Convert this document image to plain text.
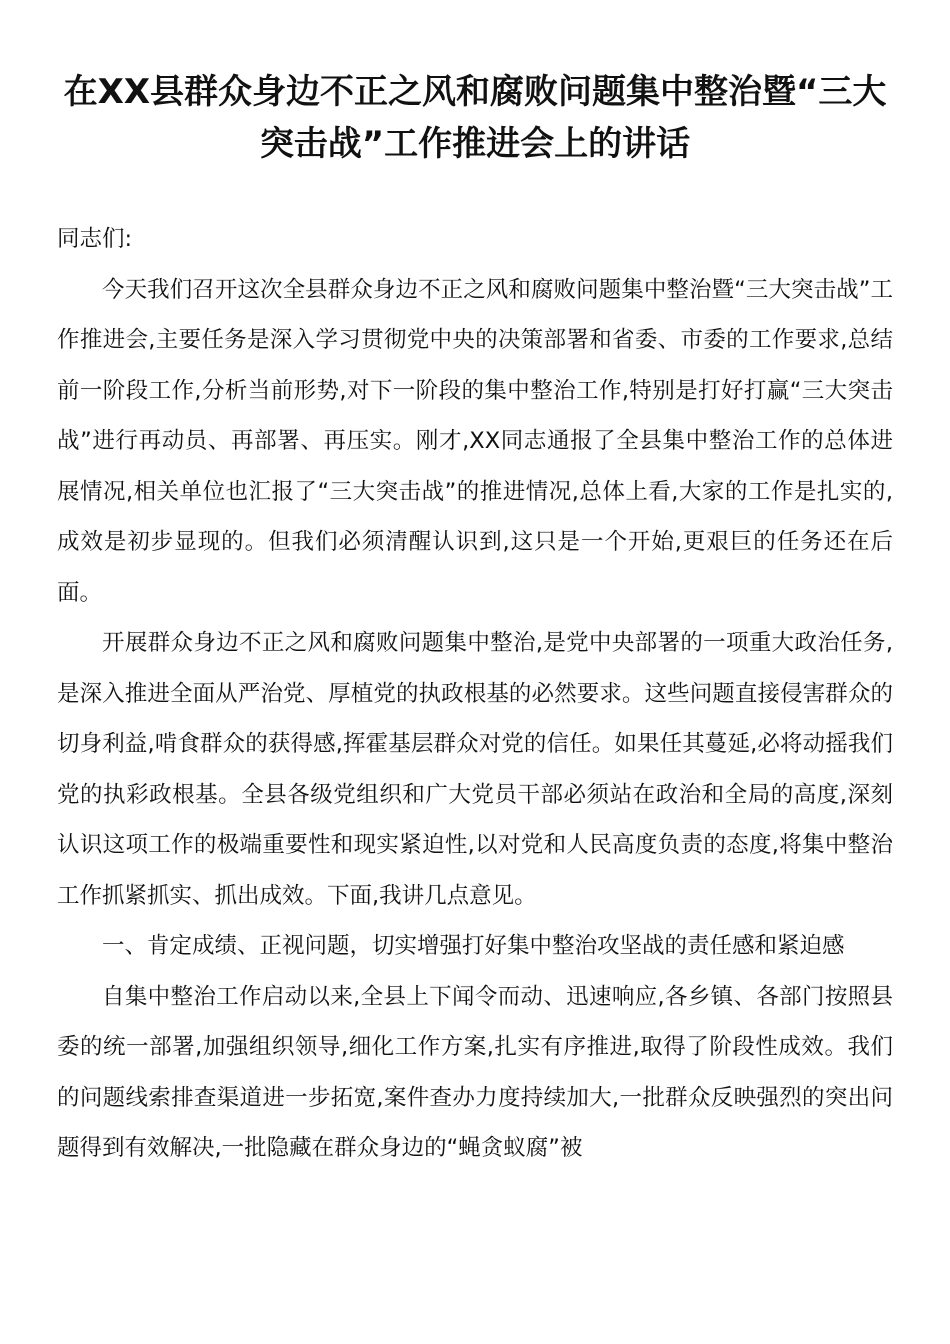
在XX县群众身边不正之风和腐败问题集中整治暨“三大突击战”工作推进会上的讲话

同志们:

今天我们召开这次全县群众身边不正之风和腐败问题集中整治暨“三大突击战”工作推进会,主要任务是深入学习贯彻党中央的决策部署和省委、市委的工作要求,总结前一阶段工作,分析当前形势,对下一阶段的集中整治工作,特别是打好打赢“三大突击战”进行再动员、再部署、再压实。刚才,XX同志通报了全县集中整治工作的总体进展情况,相关单位也汇报了“三大突击战”的推进情况,总体上看,大家的工作是扎实的,成效是初步显现的。但我们必须清醒认识到,这只是一个开始,更艰巨的任务还在后面。

开展群众身边不正之风和腐败问题集中整治,是党中央部署的一项重大政治任务,是深入推进全面从严治党、厚植党的执政根基的必然要求。这些问题直接侵害群众的切身利益,啃食群众的获得感,挥霍基层群众对党的信任。如果任其蔓延,必将动摇我们党的执彩政根基。全县各级党组织和广大党员干部必须站在政治和全局的高度,深刻认识这项工作的极端重要性和现实紧迫性,以对党和人民高度负责的态度,将集中整治工作抓紧抓实、抓出成效。下面,我讲几点意见。

一、肯定成绩、正视问题，切实增强打好集中整治攻坚战的责任感和紧迫感

自集中整治工作启动以来,全县上下闻令而动、迅速响应,各乡镇、各部门按照县委的统一部署,加强组织领导,细化工作方案,扎实有序推进,取得了阶段性成效。我们的问题线索排查渠道进一步拓宽,案件查办力度持续加大,一批群众反映强烈的突出问题得到有效解决,一批隐藏在群众身边的“蝇贪蚁腐”被
